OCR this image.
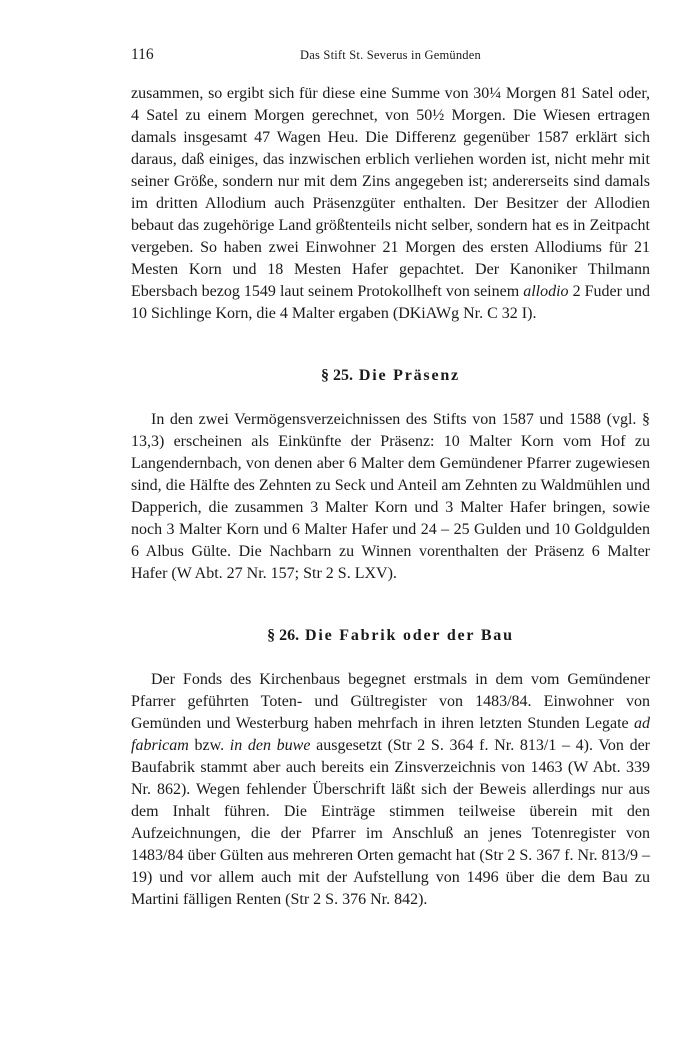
116	Das Stift St. Severus in Gemünden

zusammen, so ergibt sich für diese eine Summe von 30¼ Morgen 81 Satel oder, 4 Satel zu einem Morgen gerechnet, von 50½ Morgen. Die Wiesen ertragen damals insgesamt 47 Wagen Heu. Die Differenz gegenüber 1587 erklärt sich daraus, daß einiges, das inzwischen erblich verliehen worden ist, nicht mehr mit seiner Größe, sondern nur mit dem Zins angegeben ist; andererseits sind damals im dritten Allodium auch Präsenzgüter enthalten. Der Besitzer der Allodien bebaut das zugehörige Land größtenteils nicht selber, sondern hat es in Zeitpacht vergeben. So haben zwei Einwohner 21 Morgen des ersten Allodiums für 21 Mesten Korn und 18 Mesten Hafer gepachtet. Der Kanoniker Thilmann Ebersbach bezog 1549 laut seinem Protokollheft von seinem allodio 2 Fuder und 10 Sichlinge Korn, die 4 Malter ergaben (DKiAWg Nr. C 32 I).

§ 25. Die Präsenz

In den zwei Vermögensverzeichnissen des Stifts von 1587 und 1588 (vgl. § 13,3) erscheinen als Einkünfte der Präsenz: 10 Malter Korn vom Hof zu Langendernbach, von denen aber 6 Malter dem Gemündener Pfarrer zugewiesen sind, die Hälfte des Zehnten zu Seck und Anteil am Zehnten zu Waldmühlen und Dapperich, die zusammen 3 Malter Korn und 3 Malter Hafer bringen, sowie noch 3 Malter Korn und 6 Malter Hafer und 24 – 25 Gulden und 10 Goldgulden 6 Albus Gülte. Die Nachbarn zu Winnen vorenthalten der Präsenz 6 Malter Hafer (W Abt. 27 Nr. 157; Str 2 S. LXV).

§ 26. Die Fabrik oder der Bau

Der Fonds des Kirchenbaus begegnet erstmals in dem vom Gemündener Pfarrer geführten Toten- und Gültregister von 1483/84. Einwohner von Gemünden und Westerburg haben mehrfach in ihren letzten Stunden Legate ad fabricam bzw. in den buwe ausgesetzt (Str 2 S. 364 f. Nr. 813/1 – 4). Von der Baufabrik stammt aber auch bereits ein Zinsverzeichnis von 1463 (W Abt. 339 Nr. 862). Wegen fehlender Überschrift läßt sich der Beweis allerdings nur aus dem Inhalt führen. Die Einträge stimmen teilweise überein mit den Aufzeichnungen, die der Pfarrer im Anschluß an jenes Totenregister von 1483/84 über Gülten aus mehreren Orten gemacht hat (Str 2 S. 367 f. Nr. 813/9 – 19) und vor allem auch mit der Aufstellung von 1496 über die dem Bau zu Martini fälligen Renten (Str 2 S. 376 Nr. 842).
